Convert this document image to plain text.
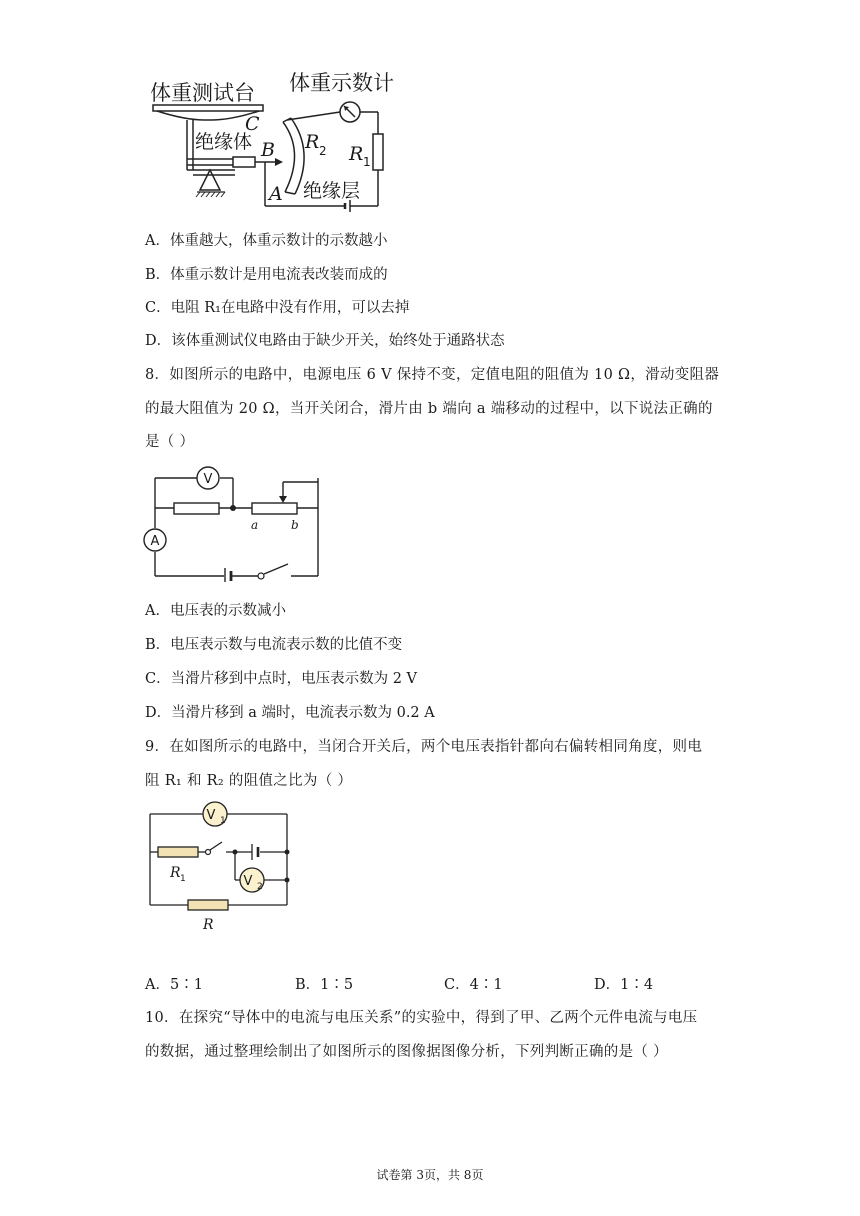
体重测试台 体重示数计
绝缘体
绝缘层
C
B
A
R 2 R 1
A．体重越大，体重示数计的示数越小
B．体重示数计是用电流表改装而成的
C．电阻 R₁在电路中没有作用，可以去掉
D．该体重测试仪电路由于缺少开关，始终处于通路状态
8．如图所示的电路中，电源电压 6 V 保持不变，定值电阻的阻值为 10 Ω，滑动变阻器
的最大阻值为 20 Ω，当开关闭合，滑片由 b 端向 a 端移动的过程中，以下说法正确的
是（ ）
V
A
a	b
A．电压表的示数减小
B．电压表示数与电流表示数的比值不变
C．当滑片移到中点时，电压表示数为 2 V
D．当滑片移到 a 端时，电流表示数为 0.2 A
9．在如图所示的电路中，当闭合开关后，两个电压表指针都向右偏转相同角度，则电
阻 R₁ 和 R₂ 的阻值之比为（ ）
V 1
V 2
R 1
R
A．5∶1	B．1∶5	C．4∶1	D．1∶4
10．在探究“导体中的电流与电压关系”的实验中，得到了甲、乙两个元件电流与电压
的数据，通过整理绘制出了如图所示的图像据图像分析，下列判断正确的是（ ）
试卷第 3页，共 8页
